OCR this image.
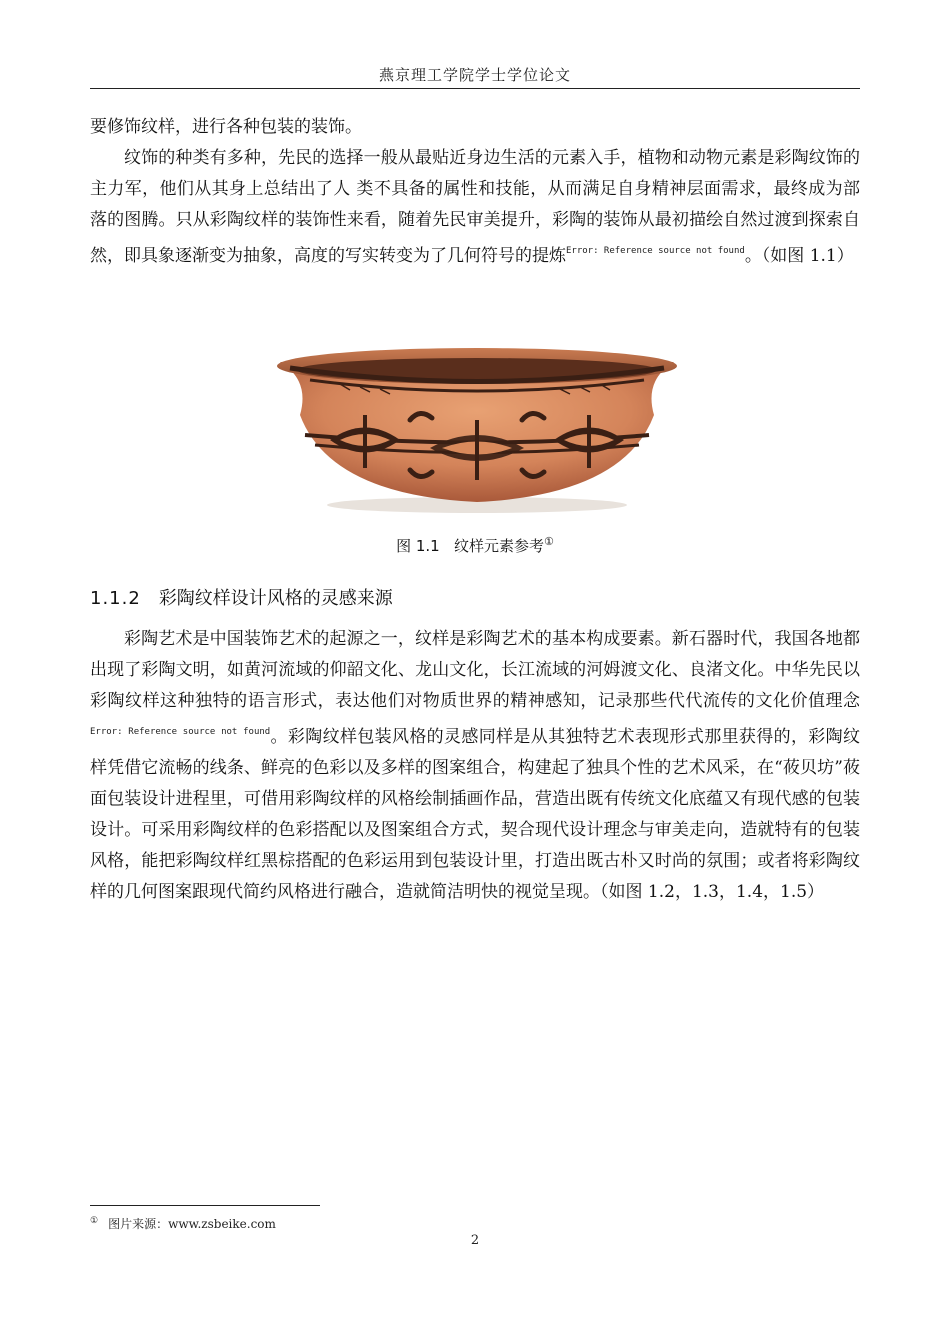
燕京理工学院学士学位论文

要修饰纹样，进行各种包装的装饰。

纹饰的种类有多种，先民的选择一般从最贴近身边生活的元素入手，植物和动物元素是彩陶纹饰的主力军，他们从其身上总结出了人 类不具备的属性和技能，从而满足自身精神层面需求，最终成为部落的图腾。只从彩陶纹样的装饰性来看，随着先民审美提升，彩陶的装饰从最初描绘自然过渡到探索自然，即具象逐渐变为抽象，高度的写实转变为了几何符号的提炼$^{Error: Reference source not found}$。（如图 1.1）

图 1.1 纹样元素参考①
1.1.2 彩陶纹样设计风格的灵感来源

彩陶艺术是中国装饰艺术的起源之一，纹样是彩陶艺术的基本构成要素。新石器时代，我国各地都出现了彩陶文明，如黄河流域的仰韶文化、龙山文化，长江流域的河姆渡文化、良渚文化。中华先民以彩陶纹样这种独特的语言形式，表达他们对物质世界的精神感知，记录那些代代流传的文化价值理念$^{Error: Reference source not found}$。彩陶纹样包装风格的灵感同样是从其独特艺术表现形式那里获得的，彩陶纹样凭借它流畅的线条、鲜亮的色彩以及多样的图案组合，构建起了独具个性的艺术风采，在“莜贝坊”莜面包装设计进程里，可借用彩陶纹样的风格绘制插画作品，营造出既有传统文化底蕴又有现代感的包装设计。可采用彩陶纹样的色彩搭配以及图案组合方式，契合现代设计理念与审美走向，造就特有的包装风格，能把彩陶纹样红黑棕搭配的色彩运用到包装设计里，打造出既古朴又时尚的氛围；或者将彩陶纹样的几何图案跟现代简约风格进行融合，造就简洁明快的视觉呈现。（如图 1.2，1.3，1.4，1.5）

① 图片来源：www.zsbeike.com
2
